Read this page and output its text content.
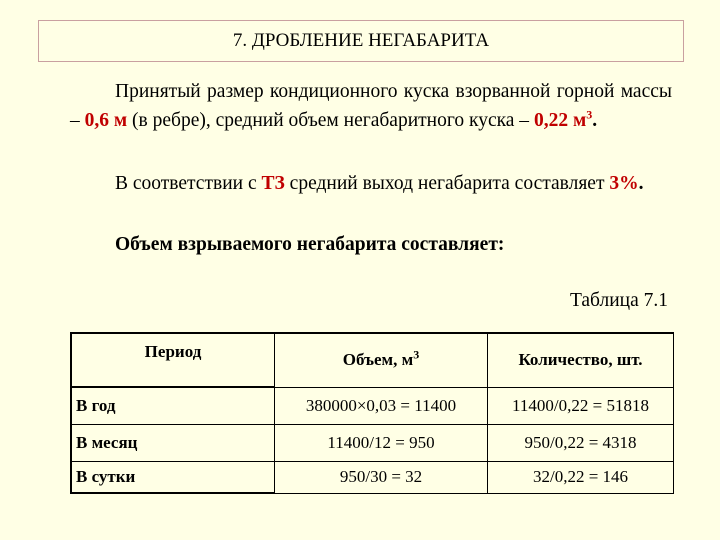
7. ДРОБЛЕНИЕ НЕГАБАРИТА
Принятый размер кондиционного куска взорванной горной массы – 0,6 м (в ребре), средний объем негабаритного куска – 0,22 $м^3$.
В соответствии с ТЗ средний выход негабарита составляет 3%.
Объем взрываемого негабарита составляет:
Таблица 7.1
Период	Объем, $м^3$	Количество, шт.
В год	380000×0,03 = 11400	11400/0,22 = 51818
В месяц	11400/12 = 950	950/0,22 = 4318
В сутки	950/30 = 32	32/0,22 = 146
